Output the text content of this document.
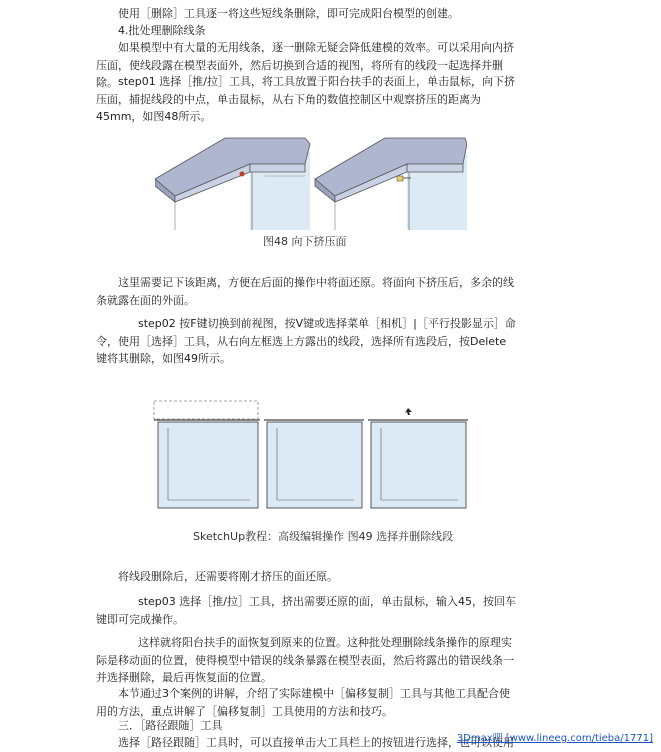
使用［删除］工具逐一将这些短线条删除，即可完成阳台模型的创建。

4.批处理删除线条

如果模型中有大量的无用线条，逐一删除无疑会降低建模的效率。可以采用向内挤压面，使线段露在模型表面外，然后切换到合适的视图，将所有的线段一起选择并删除。 step01 选择［推/拉］工具，将工具放置于阳台扶手的表面上，单击鼠标，向下挤压面，捕捉线段的中点，单击鼠标，从右下角的数值控制区中观察挤压的距离为45mm，如图48所示。

图48 向下挤压面

这里需要记下该距离，方便在后面的操作中将面还原。将面向下挤压后，多余的线条就露在面的外面。

step02 按F键切换到前视图，按V键或选择菜单［相机］|［平行投影显示］命令，使用［选择］工具，从右向左框选上方露出的线段，选择所有选段后，按Delete键将其删除，如图49所示。

SketchUp教程：高级编辑操作 图49 选择并删除线段

将线段删除后，还需要将刚才挤压的面还原。

step03 选择［推/拉］工具，挤出需要还原的面，单击鼠标，输入45，按回车键即可完成操作。

这样就将阳台扶手的面恢复到原来的位置。这种批处理删除线条操作的原理实际是移动面的位置，使得模型中错误的线条暴露在模型表面，然后将露出的错误线条一并选择删除，最后再恢复面的位置。

本节通过3个案例的讲解，介绍了实际建模中［偏移复制］工具与其他工具配合使用的方法，重点讲解了［偏移复制］工具使用的方法和技巧。

三．［路径跟随］工具

选择［路径跟随］工具时，可以直接单击大工具栏上的按钮进行选择，也可以使用

3Dmax吧 [www.lineeg.com/tieba/1771]
